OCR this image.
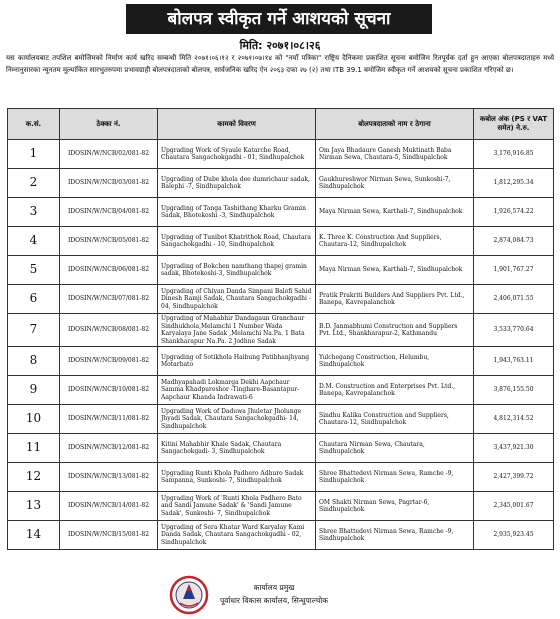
बोलपत्र स्वीकृत गर्ने आशयको सूचना
मिति: २०७१।०८।२६
यस कार्यालयबाट तपशिल बमोजिमको निर्माण कार्य खरिद सम्बन्धी मिति २०७१।०६।१२ र २०७१।०७।१४ को "नयाँ पत्रिका" राष्ट्रिय दैनिकमा प्रकाशित सूचना बमोजिम रितपूर्वक दर्ता हुन आएका बोलपत्रदाताहरु मध्ये निम्नानुसारका न्यूनतम मूल्यांकित सारभुतरुपमा प्रभावग्राही बोलपत्रदाताको बोलपत्र, सार्वजनिक खरिद ऐन २०६३ दफा २७ (२) तथा ITB 39.1 बमोजिम स्वीकृत गर्ने आशयको सूचना प्रकाशित गरिएको छ।
क.सं.	ठेक्का नं.	कामको विवरण	बोलपत्रदाताको नाम र ठेगाना	कबोल अंक (PS र VAT समेत) ने.रु.
1	IDOSIN/W/NCB/02/081-82	Upgrading Work of Syaule Katarche Road, Chautara Sangachokgadhi - 01, Sindhupalchok	Om Jaya Bhadaure Ganesh Muktinath Baba Nirman Sewa, Chautara-5, Sindhupalchok	3,176,916.85
2	IDOSIN/W/NCB/03/081-82	Upgrading of Dube khola dee dumrichaur sadak, Balephi -7, Sindhupalchok	Gaukhureshwor Nirman Sewa, Sunkoshi-7, Sindhupalchok	1,812,295.34
3	IDOSIN/W/NCB/04/081-82	Upgrading of Tanga Tashithang Kharku Gramin Sadak, Bhotekoshi -3, Sindhupalchok	Maya Nirman Sewa, Karthali-7, Sindhupalchok	1,926,574.22
4	IDOSIN/W/NCB/05/081-82	Upgrading of Tunibot Khatrithok Road, Chautara Sangachokgadhi - 10, Sindhupalchok	K. Three K. Construction And Suppliers, Chautara-12, Sindhupalchok	2,874,084.73
5	IDOSIN/W/NCB/06/081-82	Upgrading of Bokchen namthang thapej gramin sadak, Bhotekoshi-3, Sindhupalchok	Maya Nirman Sewa, Karthali-7, Sindhupalchok	1,901,767.27
6	IDOSIN/W/NCB/07/081-82	Upgrading of Chiyan Danda Simpani Balefi Sahid Dinesh Ramji Sadak, Chautara Sangachokgadhi - 04, Sindhupalchok	Pratik Prakriti Builders And Suppliers Pvt. Ltd., Banepa, Kavrepalanchok	2,406,071.55
7	IDOSIN/W/NCB/08/081-82	Upgrading of Mahabhir Dandagaun Granchaur Sindhukhola,Melamchi 1 Number Wada Karyalaya Jane Sadak ,Melamchi Na.Pa. 1 Bata Shankharapur Na.Pa. 2 Jodhne Sadak	B.D. Janmabhumi Construction and Suppliers Pvt. Ltd., Shankharapur-2, Kathmandu	3,533,770.64
8	IDOSIN/W/NCB/09/081-82	Upgrading of Sotikhola Haibung Patibhanjhyang Motarbato	Yulchegang Construction, Helumbu, Sindhupalchok	1,943,763.11
9	IDOSIN/W/NCB/10/081-82	Madhyapahadi Lokmarga Dekhi Aapchaur Samma Khadpureshor -Tinghare-Basantapur-Aapchaur Khanda Indrawati-6	D.M. Construction and Enterprises Pvt. Ltd., Banepa, Kavrepalanchok	3,876,155.50
10	IDOSIN/W/NCB/11/081-82	Upgrading Work of Daduwa Jhuletar Jholunge Jhyadi Sadak, Chautara Sangachokgadhi- 14, Sindhupalchok	Sindhu Kalika Construction and Suppliers, Chautara-12, Sindhupalchok	4,812,314.52
11	IDOSIN/W/NCB/12/081-82	Kitini Mahabhir Khale Sadak, Chautara Sangachokgadi- 3, Sindhupalchok	Chautara Nirman Sewa, Chautara, Sindhupalchok	3,437,921.30
12	IDOSIN/W/NCB/13/081-82	Upgrading Runti Khola Padhero Adhuro Sadak Sampanna, Sunkoshi- 7, Sindhupalchok	Shree Bhattedevi Nirman Sewa, Ramche -9, Sindhupalchok	2,427,399.72
13	IDOSIN/W/NCB/14/081-82	Upgrading Work of 'Runti Khola Padhero Bato and Sandi Jamune Sadak' & 'Sandi Jamune Sadak', Sunkoshi- 7, Sindhupalchok	OM Shakti Nirman Sewa, Pagrtar-6, Sindhupalchok	2,345,001.67
14	IDOSIN/W/NCB/15/081-82	Upgrading of Sera Khatar Ward Karyalay Kami Danda Sadak, Chautara Sangachokgadhi - 02, Sindhupalchok	Shree Bhattedevi Nirman Sewa, Ramche -9, Sindhupalchok	2,935,923.45
कार्यालय प्रमुख
पूर्वाधार विकास कार्यालय, सिन्धुपाल्चोक
